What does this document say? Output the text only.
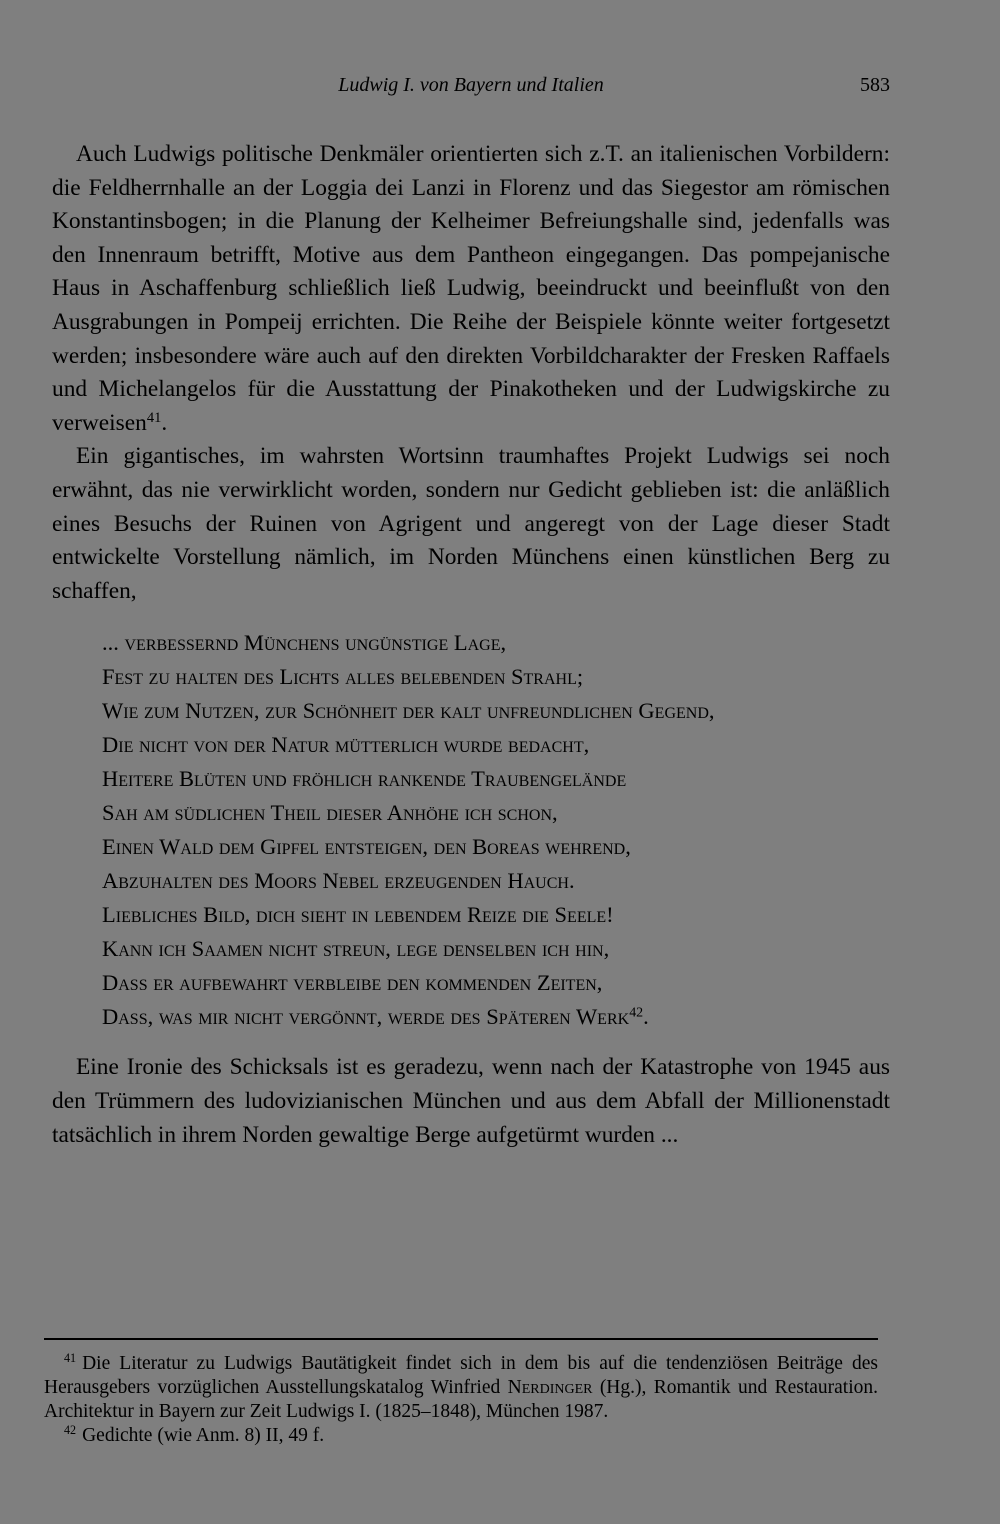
Ludwig I. von Bayern und Italien	583

Auch Ludwigs politische Denkmäler orientierten sich z.T. an italienischen Vorbildern: die Feldherrnhalle an der Loggia dei Lanzi in Florenz und das Siegestor am römischen Konstantinsbogen; in die Planung der Kelheimer Befreiungshalle sind, jedenfalls was den Innenraum betrifft, Motive aus dem Pantheon eingegangen. Das pompejanische Haus in Aschaffenburg schließlich ließ Ludwig, beeindruckt und beeinflußt von den Ausgrabungen in Pompeij errichten. Die Reihe der Beispiele könnte weiter fortgesetzt werden; insbesondere wäre auch auf den direkten Vorbildcharakter der Fresken Raffaels und Michelangelos für die Ausstattung der Pinakotheken und der Ludwigskirche zu verweisen$^{41}$.

Ein gigantisches, im wahrsten Wortsinn traumhaftes Projekt Ludwigs sei noch erwähnt, das nie verwirklicht worden, sondern nur Gedicht geblieben ist: die anläßlich eines Besuchs der Ruinen von Agrigent und angeregt von der Lage dieser Stadt entwickelte Vorstellung nämlich, im Norden Münchens einen künstlichen Berg zu schaffen,

... verbessernd Münchens ungünstige Lage,
Fest zu halten des Lichts alles belebenden Strahl;
Wie zum Nutzen, zur Schönheit der kalt unfreundlichen Gegend,
Die nicht von der Natur mütterlich wurde bedacht,
Heitere Blüten und fröhlich rankende Traubengelände
Sah am südlichen Theil dieser Anhöhe ich schon,
Einen Wald dem Gipfel entsteigen, den Boreas wehrend,
Abzuhalten des Moors Nebel erzeugenden Hauch.
Liebliches Bild, dich sieht in lebendem Reize die Seele!
Kann ich Saamen nicht streun, lege denselben ich hin,
Dass er aufbewahrt verbleibe den kommenden Zeiten,
Dass, was mir nicht vergönnt, werde des Späteren Werk$^{42}$.

Eine Ironie des Schicksals ist es geradezu, wenn nach der Katastrophe von 1945 aus den Trümmern des ludovizianischen München und aus dem Abfall der Millionenstadt tatsächlich in ihrem Norden gewaltige Berge aufgetürmt wurden ...

$^{41}$ Die Literatur zu Ludwigs Bautätigkeit findet sich in dem bis auf die tendenziösen Beiträge des Herausgebers vorzüglichen Ausstellungskatalog Winfried Nerdinger (Hg.), Romantik und Restauration. Architektur in Bayern zur Zeit Ludwigs I. (1825–1848), München 1987.

$^{42}$ Gedichte (wie Anm. 8) II, 49 f.
